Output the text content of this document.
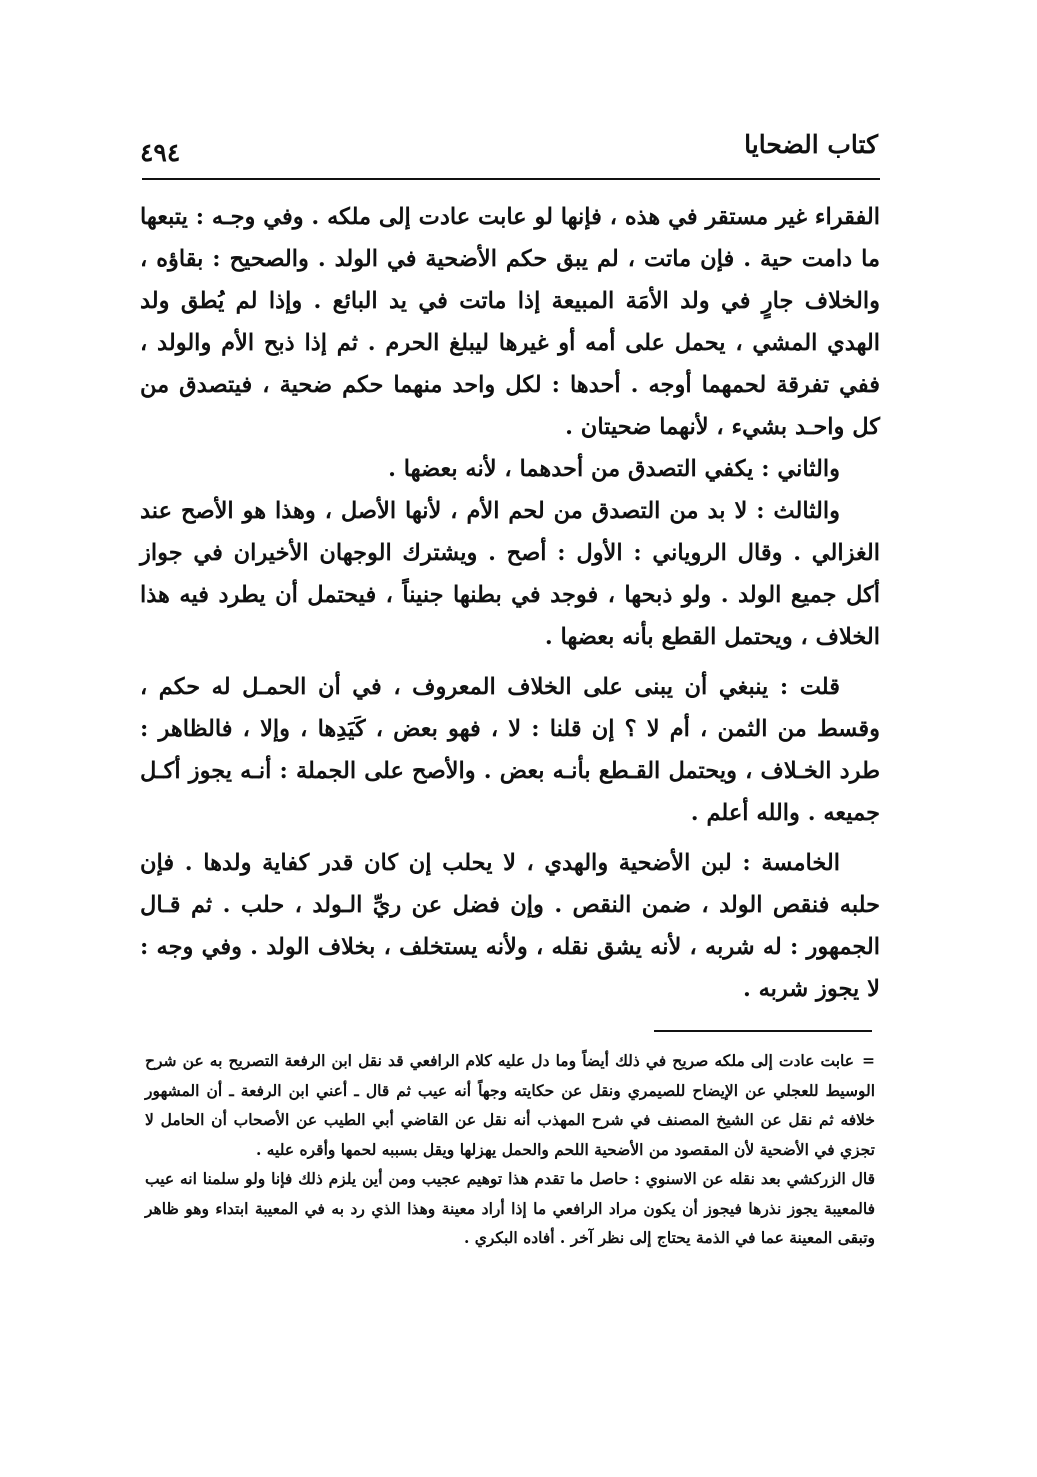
كتاب الضحايا
٤٩٤

الفقراء غير مستقر في هذه ، فإنها لو عابت عادت إلى ملكه . وفي وجـه : يتبعها ما دامت حية . فإن ماتت ، لم يبق حكم الأضحية في الولد . والصحيح : بقاؤه ، والخلاف جارٍ في ولد الأمَة المبيعة إذا ماتت في يد البائع . وإذا لم يُطق ولد الهدي المشي ، يحمل على أمه أو غيرها ليبلغ الحرم . ثم إذا ذبح الأم والولد ، ففي تفرقة لحمهما أوجه . أحدها : لكل واحد منهما حكم ضحية ، فيتصدق من كل واحـد بشيء ، لأنهما ضحيتان .

والثاني : يكفي التصدق من أحدهما ، لأنه بعضها .

والثالث : لا بد من التصدق من لحم الأم ، لأنها الأصل ، وهذا هو الأصح عند الغزالي . وقال الروياني : الأول : أصح . ويشترك الوجهان الأخيران في جواز أكل جميع الولد . ولو ذبحها ، فوجد في بطنها جنيناً ، فيحتمل أن يطرد فيه هذا الخلاف ، ويحتمل القطع بأنه بعضها .

قلت : ينبغي أن يبنى على الخلاف المعروف ، في أن الحمـل له حكم ، وقسط من الثمن ، أم لا ؟ إن قلنا : لا ، فهو بعض ، كَيَدِها ، وإلا ، فالظاهر : طرد الخـلاف ، ويحتمل القـطع بأنـه بعض . والأصح على الجملة : أنـه يجوز أكـل جميعه . والله أعلم .

الخامسة : لبن الأضحية والهدي ، لا يحلب إن كان قدر كفاية ولدها . فإن حلبه فنقص الولد ، ضمن النقص . وإن فضل عن ريِّ الـولد ، حلب . ثم قـال الجمهور : له شربه ، لأنه يشق نقله ، ولأنه يستخلف ، بخلاف الولد . وفي وجه : لا يجوز شربه .

=عابت عادت إلى ملكه صريح في ذلك أيضاً وما دل عليه كلام الرافعي قد نقل ابن الرفعة التصريح به عن شرح الوسيط للعجلي عن الإيضاح للصيمري ونقل عن حكايته وجهاً أنه عيب ثم قال ـ أعني ابن الرفعة ـ أن المشهور خلافه ثم نقل عن الشيخ المصنف في شرح المهذب أنه نقل عن القاضي أبي الطيب عن الأصحاب أن الحامل لا تجزي في الأضحية لأن المقصود من الأضحية اللحم والحمل يهزلها ويقل بسببه لحمها وأقره عليه .

قال الزركشي بعد نقله عن الاسنوي : حاصل ما تقدم هذا توهيم عجيب ومن أين يلزم ذلك فإنا ولو سلمنا انه عيب فالمعيبة يجوز نذرها فيجوز أن يكون مراد الرافعي ما إذا أراد معينة وهذا الذي رد به في المعيبة ابتداء وهو ظاهر وتبقى المعينة عما في الذمة يحتاج إلى نظر آخر . أفاده البكري .
